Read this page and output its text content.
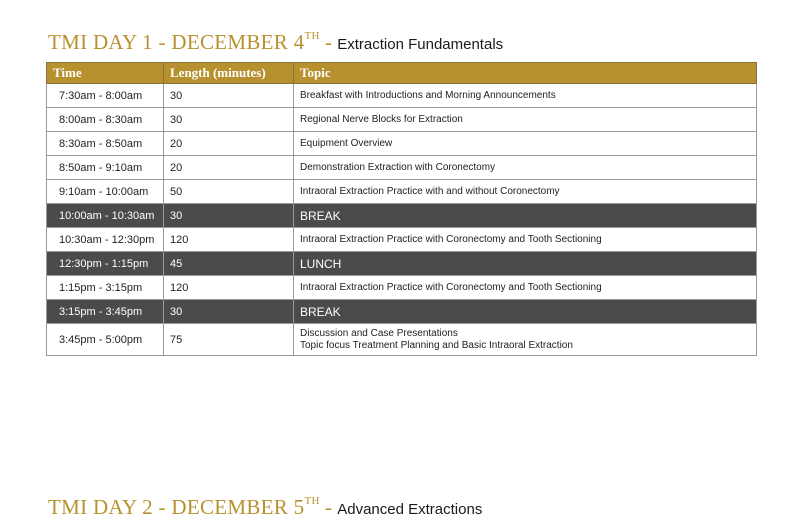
TMI DAY 1 - DECEMBER 4TH - Extraction Fundamentals
Time	Length (minutes)	Topic
7:30am - 8:00am	30	Breakfast with Introductions and Morning Announcements
8:00am - 8:30am	30	Regional Nerve Blocks for Extraction
8:30am - 8:50am	20	Equipment Overview
8:50am - 9:10am	20	Demonstration Extraction with Coronectomy
9:10am - 10:00am	50	Intraoral Extraction Practice with and without Coronectomy
10:00am - 10:30am	30	BREAK
10:30am - 12:30pm	120	Intraoral Extraction Practice with Coronectomy and Tooth Sectioning
12:30pm - 1:15pm	45	LUNCH
1:15pm - 3:15pm	120	Intraoral Extraction Practice with Coronectomy and Tooth Sectioning
3:15pm - 3:45pm	30	BREAK
3:45pm - 5:00pm	75	Discussion and Case Presentations
Topic focus Treatment Planning and Basic Intraoral Extraction
TMI DAY 2 - DECEMBER 5TH - Advanced Extractions
